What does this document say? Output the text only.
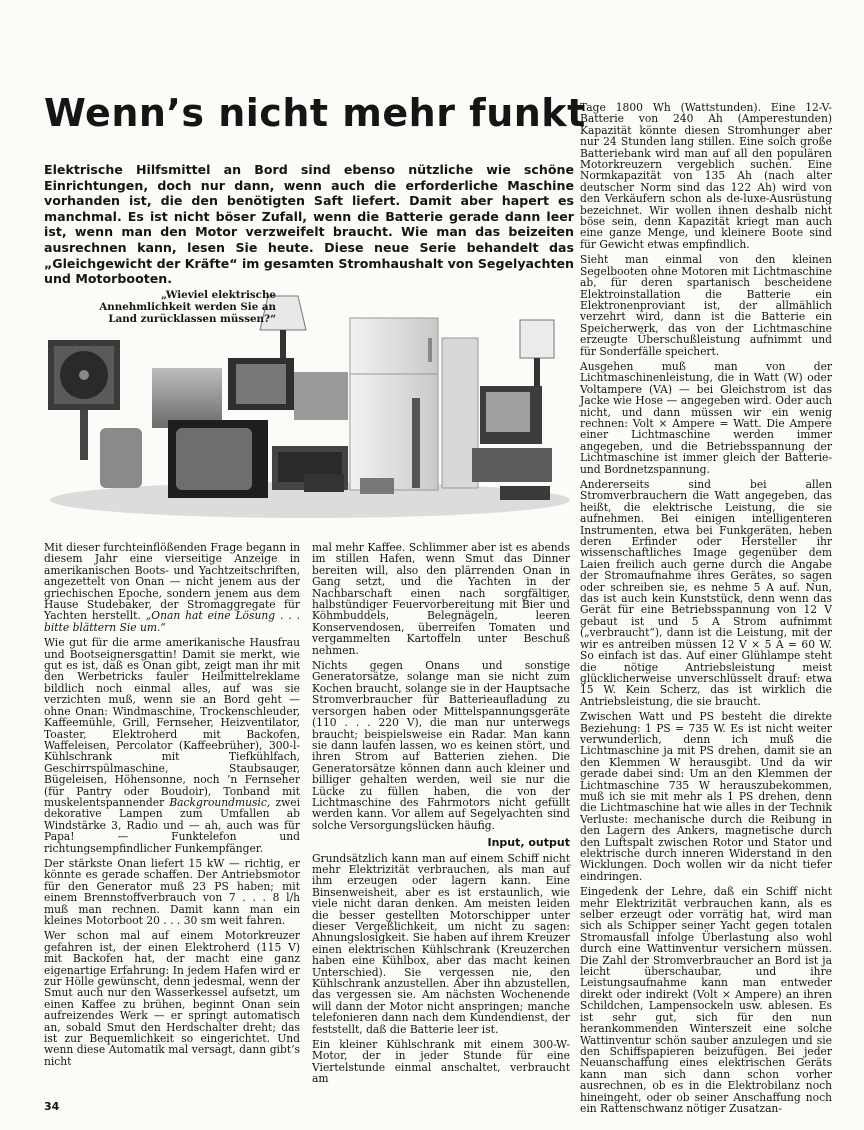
Wenn’s nicht mehr funkt
Elektrische Hilfsmittel an Bord sind ebenso nützliche wie schöne Einrichtungen, doch nur dann, wenn auch die erforderliche Maschine vorhanden ist, die den benötigten Saft liefert. Damit aber hapert es manchmal. Es ist nicht böser Zufall, wenn die Batterie gerade dann leer ist, wenn man den Motor verzweifelt braucht. Wie man das beizeiten ausrechnen kann, lesen Sie heute. Diese neue Serie behandelt das „Gleichgewicht der Kräfte“ im gesamten Stromhaushalt von Segelyachten und Motorbooten.
„Wieviel elektrische Annehmlichkeit werden Sie an Land zurücklassen müssen?“

Mit dieser furchteinflößenden Frage begann in diesem Jahr eine vierseitige Anzeige in amerikanischen Boots- und Yachtzeitschriften, angezettelt von Onan — nicht jenem aus der griechischen Epoche, sondern jenem aus dem Hause Studebaker, der Stromaggregate für Yachten herstellt. „Onan hat eine Lösung . . . bitte blättern Sie um.“

Wie gut für die arme amerikanische Hausfrau und Bootseignersgattin! Damit sie merkt, wie gut es ist, daß es Onan gibt, zeigt man ihr mit den Werbetricks fauler Heilmittelreklame bildlich noch einmal alles, auf was sie verzichten muß, wenn sie an Bord geht — ohne Onan: Windmaschine, Trockenschleuder, Kaffeemühle, Grill, Fernseher, Heizventilator, Toaster, Elektroherd mit Backofen, Waffeleisen, Percolator (Kaffeebrüher), 300-l-Kühlschrank mit Tiefkühlfach, Geschirrspülmaschine, Staubsauger, Bügeleisen, Höhensonne, noch ’n Fernseher (für Pantry oder Boudoir), Tonband mit muskelentspannender Backgroundmusic, zwei dekorative Lampen zum Umfallen ab Windstärke 3, Radio und — ah, auch was für Papa! — Funktelefon und richtungsempfindlicher Funkempfänger.

Der stärkste Onan liefert 15 kW — richtig, er könnte es gerade schaffen. Der Antriebsmotor für den Generator muß 23 PS haben; mit einem Brennstoffverbrauch von 7 . . . 8 l/h muß man rechnen. Damit kann man ein kleines Motorboot 20 . . . 30 sm weit fahren.

Wer schon mal auf einem Motorkreuzer gefahren ist, der einen Elektroherd (115 V) mit Backofen hat, der macht eine ganz eigenartige Erfahrung: In jedem Hafen wird er zur Hölle gewünscht, denn jedesmal, wenn der Smut auch nur den Wasserkessel aufsetzt, um einen Kaffee zu brühen, beginnt Onan sein aufreizendes Werk — er springt automatisch an, sobald Smut den Herdschalter dreht; das ist zur Bequemlichkeit so eingerichtet. Und wenn diese Automatik mal versagt, dann gibt’s nicht

mal mehr Kaffee. Schlimmer aber ist es abends im stillen Hafen, wenn Smut das Dinner bereiten will, also den plärrenden Onan in Gang setzt, und die Yachten in der Nachbarschaft einen nach sorgfältiger, halbstündiger Feuervorbereitung mit Bier und Köhmbuddels, Belegnägeln, leeren Konservendosen, überreifen Tomaten und vergammelten Kartoffeln unter Beschuß nehmen.

Nichts gegen Onans und sonstige Generatorsätze, solange man sie nicht zum Kochen braucht, solange sie in der Hauptsache Stromverbraucher für Batterieaufladung zu versorgen haben oder Mittelspannungsgeräte (110 . . . 220 V), die man nur unterwegs braucht; beispielsweise ein Radar. Man kann sie dann laufen lassen, wo es keinen stört, und ihren Strom auf Batterien ziehen. Die Generatorsätze können dann auch kleiner und billiger gehalten werden, weil sie nur die Lücke zu füllen haben, die von der Lichtmaschine des Fahrmotors nicht gefüllt werden kann. Vor allem auf Segelyachten sind solche Versorgungslücken häufig.

Input, output

Grundsätzlich kann man auf einem Schiff nicht mehr Elektrizität verbrauchen, als man auf ihm erzeugen oder lagern kann. Eine Binsenweisheit, aber es ist erstaunlich, wie viele nicht daran denken. Am meisten leiden die besser gestellten Motorschipper unter dieser Vergeßlichkeit, um nicht zu sagen: Ahnungslosigkeit. Sie haben auf ihrem Kreuzer einen elektrischen Kühlschrank (Kreuzerchen haben eine Kühlbox, aber das macht keinen Unterschied). Sie vergessen nie, den Kühlschrank anzustellen. Aber ihn abzustellen, das vergessen sie. Am nächsten Wochenende will dann der Motor nicht anspringen; manche telefonieren dann nach dem Kundendienst, der feststellt, daß die Batterie leer ist.

Ein kleiner Kühlschrank mit einem 300-W-Motor, der in jeder Stunde für eine Viertelstunde einmal anschaltet, verbraucht am

Tage 1800 Wh (Wattstunden). Eine 12-V-Batterie von 240 Ah (Amperestunden) Kapazität könnte diesen Stromhunger aber nur 24 Stunden lang stillen. Eine solch große Batteriebank wird man auf all den populären Motorkreuzern vergeblich suchen. Eine Normkapazität von 135 Ah (nach alter deutscher Norm sind das 122 Ah) wird von den Verkäufern schon als de-luxe-Ausrüstung bezeichnet. Wir wollen ihnen deshalb nicht böse sein, denn Kapazität kriegt man auch eine ganze Menge, und kleinere Boote sind für Gewicht etwas empfindlich.

Sieht man einmal von den kleinen Segelbooten ohne Motoren mit Lichtmaschine ab, für deren spartanisch bescheidene Elektroinstallation die Batterie ein Elektronenproviant ist, der allmählich verzehrt wird, dann ist die Batterie ein Speicherwerk, das von der Lichtmaschine erzeugte Überschußleistung aufnimmt und für Sonderfälle speichert.

Ausgehen muß man von der Lichtmaschinenleistung, die in Watt (W) oder Voltampere (VA) — bei Gleichstrom ist das Jacke wie Hose — angegeben wird. Oder auch nicht, und dann müssen wir ein wenig rechnen: Volt × Ampere = Watt. Die Ampere einer Lichtmaschine werden immer angegeben, und die Betriebsspannung der Lichtmaschine ist immer gleich der Batterie- und Bordnetzspannung.

Andererseits sind bei allen Stromverbrauchern die Watt angegeben, das heißt, die elektrische Leistung, die sie aufnehmen. Bei einigen intelligenteren Instrumenten, etwa bei Funkgeräten, heben deren Erfinder oder Hersteller ihr wissenschaftliches Image gegenüber dem Laien freilich auch gerne durch die Angabe der Stromaufnahme ihres Gerätes, so sagen oder schreiben sie, es nehme 5 A auf. Nun, das ist auch kein Kunststück, denn wenn das Gerät für eine Betriebsspannung von 12 V gebaut ist und 5 A Strom aufnimmt („verbraucht“), dann ist die Leistung, mit der wir es antreiben müssen 12 V × 5 A = 60 W. So einfach ist das. Auf einer Glühlampe steht die nötige Antriebsleistung meist glücklicherweise unverschlüsselt drauf: etwa 15 W. Kein Scherz, das ist wirklich die Antriebsleistung, die sie braucht.

Zwischen Watt und PS besteht die direkte Beziehung: 1 PS = 735 W. Es ist nicht weiter verwunderlich, denn ich muß die Lichtmaschine ja mit PS drehen, damit sie an den Klemmen W herausgibt. Und da wir gerade dabei sind: Um an den Klemmen der Lichtmaschine 735 W herauszubekommen, muß ich sie mit mehr als 1 PS drehen, denn die Lichtmaschine hat wie alles in der Technik Verluste: mechanische durch die Reibung in den Lagern des Ankers, magnetische durch den Luftspalt zwischen Rotor und Stator und elektrische durch inneren Widerstand in den Wicklungen. Doch wollen wir da nicht tiefer eindringen.

Eingedenk der Lehre, daß ein Schiff nicht mehr Elektrizität verbrauchen kann, als es selber erzeugt oder vorrätig hat, wird man sich als Schipper seiner Yacht gegen totalen Stromausfall infolge Überlastung also wohl durch eine Wattinventur versichern müssen. Die Zahl der Stromverbraucher an Bord ist ja leicht überschaubar, und ihre Leistungsaufnahme kann man entweder direkt oder indirekt (Volt × Ampere) an ihren Schildchen, Lampensockeln usw. ablesen. Es ist sehr gut, sich für den nun herankommenden Winterszeit eine solche Wattinventur schön sauber anzulegen und sie den Schiffspapieren beizufügen. Bei jeder Neuanschaffung eines elektrischen Geräts kann man sich dann schon vorher ausrechnen, ob es in die Elektrobilanz noch hineingeht, oder ob seiner Anschaffung noch ein Rattenschwanz nötiger Zusatzan-

34
